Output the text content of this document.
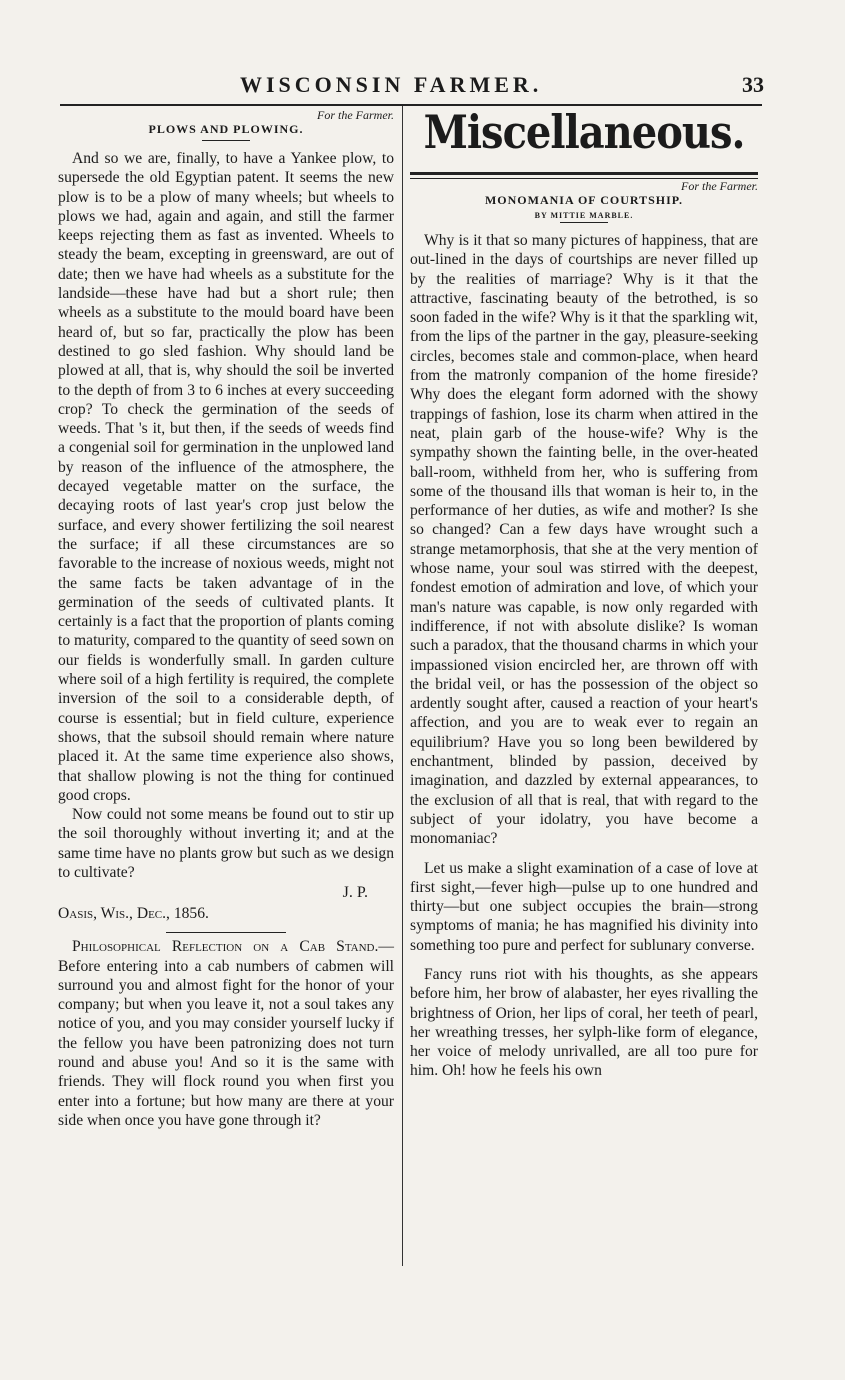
WISCONSIN FARMER.	33
For the Farmer.
PLOWS AND PLOWING.

And so we are, finally, to have a Yankee plow, to supersede the old Egyptian patent. It seems the new plow is to be a plow of many wheels; but wheels to plows we had, again and again, and still the farmer keeps rejecting them as fast as invented. Wheels to steady the beam, excepting in greensward, are out of date; then we have had wheels as a substitute for the landside—these have had but a short rule; then wheels as a substitute to the mould board have been heard of, but so far, practically the plow has been destined to go sled fashion. Why should land be plowed at all, that is, why should the soil be inverted to the depth of from 3 to 6 inches at every succeeding crop? To check the germination of the seeds of weeds. That 's it, but then, if the seeds of weeds find a congenial soil for germination in the unplowed land by reason of the influence of the atmosphere, the decayed vegetable matter on the surface, the decaying roots of last year's crop just below the surface, and every shower fertilizing the soil nearest the surface; if all these circumstances are so favorable to the increase of noxious weeds, might not the same facts be taken advantage of in the germination of the seeds of cultivated plants. It certainly is a fact that the proportion of plants coming to maturity, compared to the quantity of seed sown on our fields is wonderfully small. In garden culture where soil of a high fertility is required, the complete inversion of the soil to a considerable depth, of course is essential; but in field culture, experience shows, that the subsoil should remain where nature placed it. At the same time experience also shows, that shallow plowing is not the thing for continued good crops.

Now could not some means be found out to stir up the soil thoroughly without inverting it; and at the same time have no plants grow but such as we design to cultivate?

J. P.
Oasis, Wis., Dec., 1856.

Philosophical Reflection on a Cab Stand.—Before entering into a cab numbers of cabmen will surround you and almost fight for the honor of your company; but when you leave it, not a soul takes any notice of you, and you may consider yourself lucky if the fellow you have been patronizing does not turn round and abuse you! And so it is the same with friends. They will flock round you when first you enter into a fortune; but how many are there at your side when once you have gone through it?

Miscellaneous.
For the Farmer.
MONOMANIA OF COURTSHIP.
BY MITTIE MARBLE.

Why is it that so many pictures of happiness, that are out-lined in the days of courtships are never filled up by the realities of marriage? Why is it that the attractive, fascinating beauty of the betrothed, is so soon faded in the wife? Why is it that the sparkling wit, from the lips of the partner in the gay, pleasure-seeking circles, becomes stale and common-place, when heard from the matronly companion of the home fireside? Why does the elegant form adorned with the showy trappings of fashion, lose its charm when attired in the neat, plain garb of the house-wife? Why is the sympathy shown the fainting belle, in the over-heated ball-room, withheld from her, who is suffering from some of the thousand ills that woman is heir to, in the performance of her duties, as wife and mother? Is she so changed? Can a few days have wrought such a strange metamorphosis, that she at the very mention of whose name, your soul was stirred with the deepest, fondest emotion of admiration and love, of which your man's nature was capable, is now only regarded with indifference, if not with absolute dislike? Is woman such a paradox, that the thousand charms in which your impassioned vision encircled her, are thrown off with the bridal veil, or has the possession of the object so ardently sought after, caused a reaction of your heart's affection, and you are to weak ever to regain an equilibrium? Have you so long been bewildered by enchantment, blinded by passion, deceived by imagination, and dazzled by external appearances, to the exclusion of all that is real, that with regard to the subject of your idolatry, you have become a monomaniac?

Let us make a slight examination of a case of love at first sight,—fever high—pulse up to one hundred and thirty—but one subject occupies the brain—strong symptoms of mania; he has magnified his divinity into something too pure and perfect for sublunary converse.

Fancy runs riot with his thoughts, as she appears before him, her brow of alabaster, her eyes rivalling the brightness of Orion, her lips of coral, her teeth of pearl, her wreathing tresses, her sylph-like form of elegance, her voice of melody unrivalled, are all too pure for him. Oh! how he feels his own
